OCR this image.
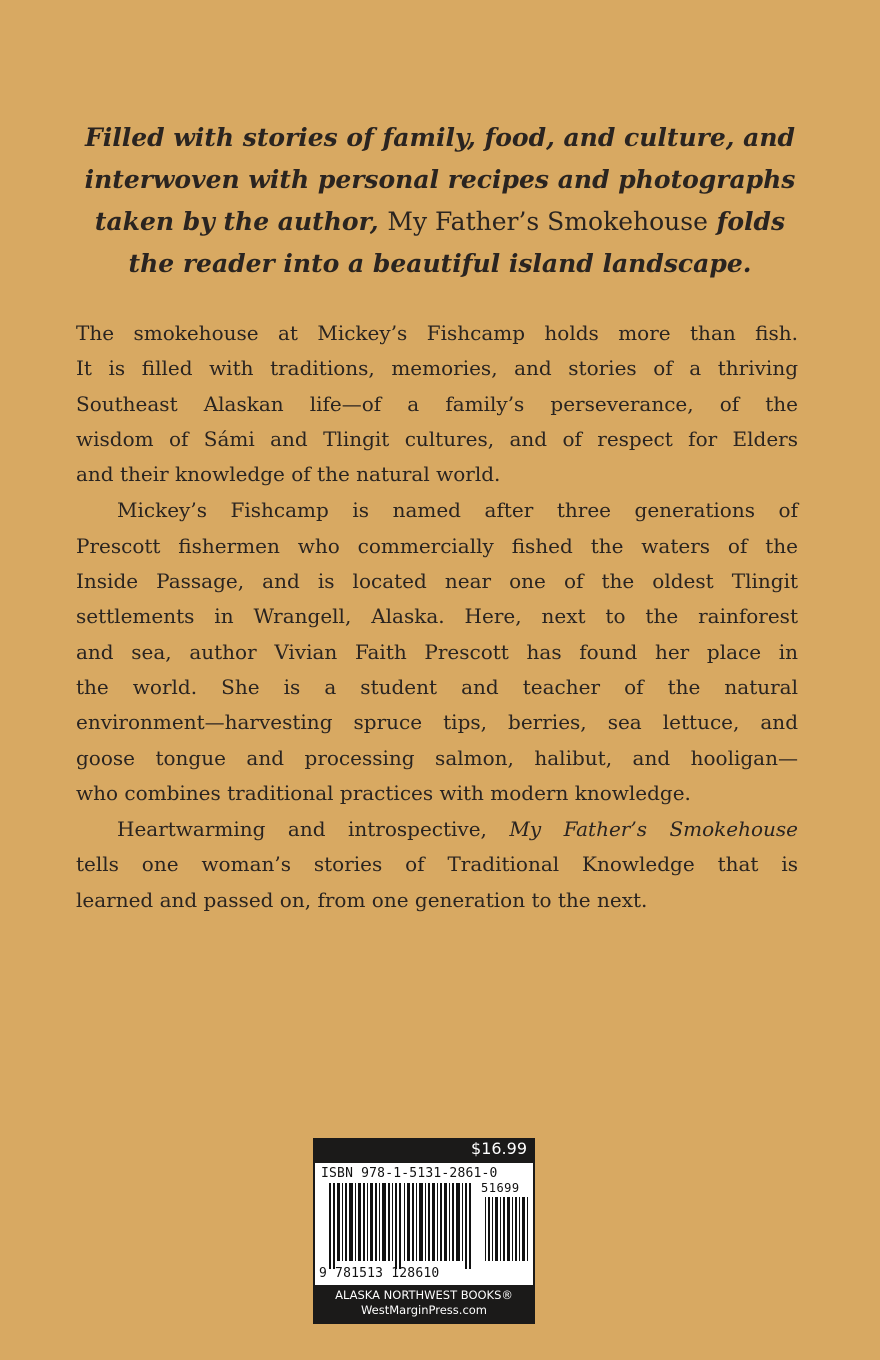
Filled with stories of family, food, and culture, and
interwoven with personal recipes and photographs
taken by the author, My Father’s Smokehouse folds
the reader into a beautiful island landscape.

The smokehouse at Mickey’s Fishcamp holds more than fish.
It is filled with traditions, memories, and stories of a thriving
Southeast Alaskan life—of a family’s perseverance, of the
wisdom of Sámi and Tlingit cultures, and of respect for Elders
and their knowledge of the natural world.

Mickey’s Fishcamp is named after three generations of
Prescott fishermen who commercially fished the waters of the
Inside Passage, and is located near one of the oldest Tlingit
settlements in Wrangell, Alaska. Here, next to the rainforest
and sea, author Vivian Faith Prescott has found her place in
the world. She is a student and teacher of the natural
environment—harvesting spruce tips, berries, sea lettuce, and
goose tongue and processing salmon, halibut, and hooligan—
who combines traditional practices with modern knowledge.

Heartwarming and introspective, My Father’s Smokehouse
tells one woman’s stories of Traditional Knowledge that is
learned and passed on, from one generation to the next.

$16.99
ISBN 978-1-5131-2861-0
51699
9 781513 128610
ALASKA NORTHWEST BOOKS®
WestMarginPress.com
